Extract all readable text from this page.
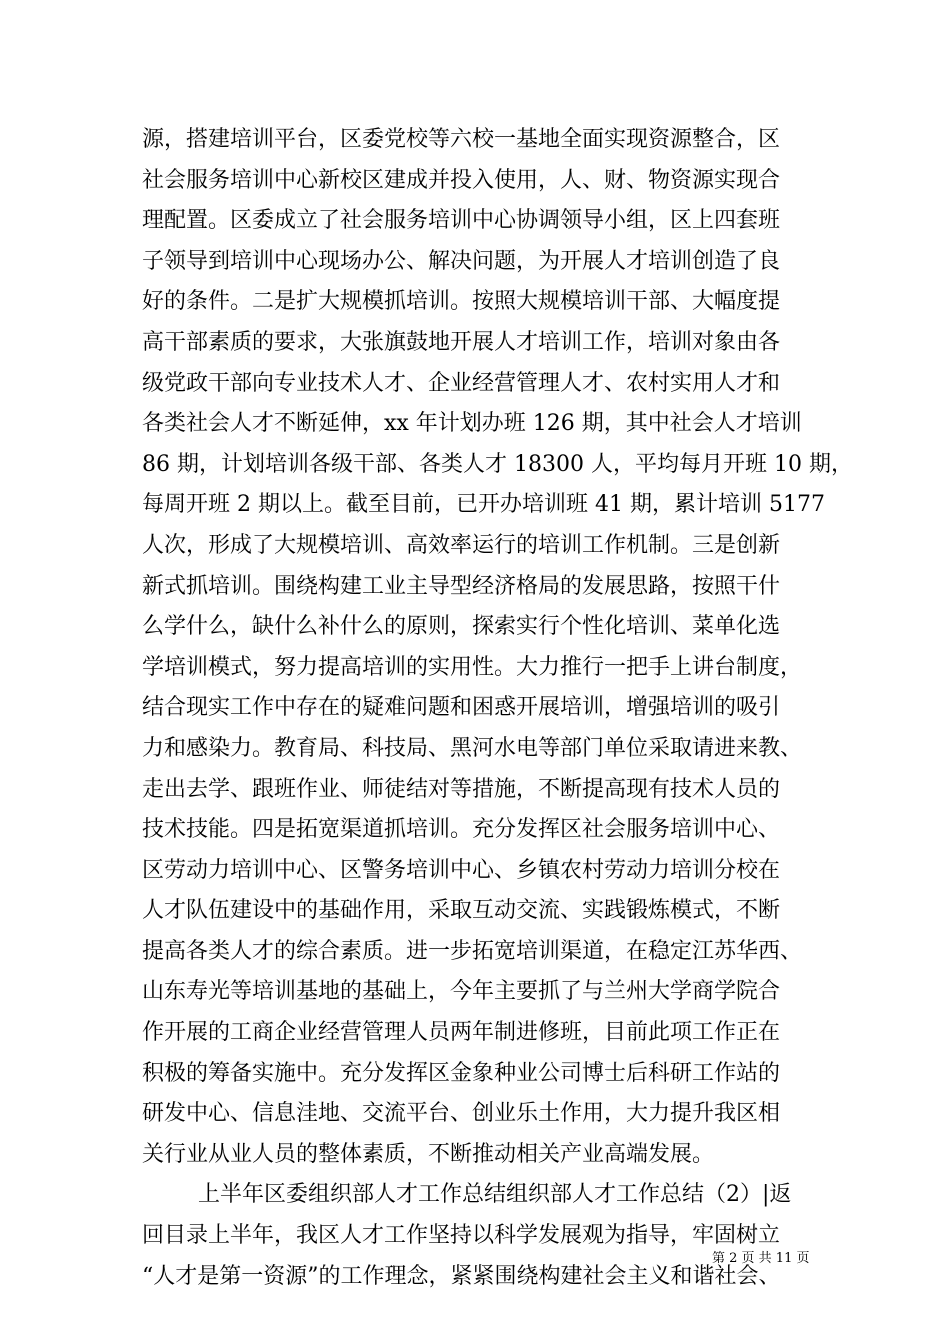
源，搭建培训平台，区委党校等六校一基地全面实现资源整合，区
社会服务培训中心新校区建成并投入使用，人、财、物资源实现合
理配置。区委成立了社会服务培训中心协调领导小组，区上四套班
子领导到培训中心现场办公、解决问题，为开展人才培训创造了良
好的条件。二是扩大规模抓培训。按照大规模培训干部、大幅度提
高干部素质的要求，大张旗鼓地开展人才培训工作，培训对象由各
级党政干部向专业技术人才、企业经营管理人才、农村实用人才和
各类社会人才不断延伸，xx 年计划办班 126 期，其中社会人才培训
86 期，计划培训各级干部、各类人才 18300 人，平均每月开班 10 期，
每周开班 2 期以上。截至目前，已开办培训班 41 期，累计培训 5177
人次，形成了大规模培训、高效率运行的培训工作机制。三是创新
新式抓培训。围绕构建工业主导型经济格局的发展思路，按照干什
么学什么，缺什么补什么的原则，探索实行个性化培训、菜单化选
学培训模式，努力提高培训的实用性。大力推行一把手上讲台制度，
结合现实工作中存在的疑难问题和困惑开展培训，增强培训的吸引
力和感染力。教育局、科技局、黑河水电等部门单位采取请进来教、
走出去学、跟班作业、师徒结对等措施，不断提高现有技术人员的
技术技能。四是拓宽渠道抓培训。充分发挥区社会服务培训中心、
区劳动力培训中心、区警务培训中心、乡镇农村劳动力培训分校在
人才队伍建设中的基础作用，采取互动交流、实践锻炼模式，不断
提高各类人才的综合素质。进一步拓宽培训渠道，在稳定江苏华西、
山东寿光等培训基地的基础上，今年主要抓了与兰州大学商学院合
作开展的工商企业经营管理人员两年制进修班，目前此项工作正在
积极的筹备实施中。充分发挥区金象种业公司博士后科研工作站的
研发中心、信息洼地、交流平台、创业乐土作用，大力提升我区相
关行业从业人员的整体素质，不断推动相关产业高端发展。
上半年区委组织部人才工作总结组织部人才工作总结（2）|返
回目录上半年，我区人才工作坚持以科学发展观为指导，牢固树立
“人才是第一资源”的工作理念，紧紧围绕构建社会主义和谐社会、
第 2 页 共 11 页
